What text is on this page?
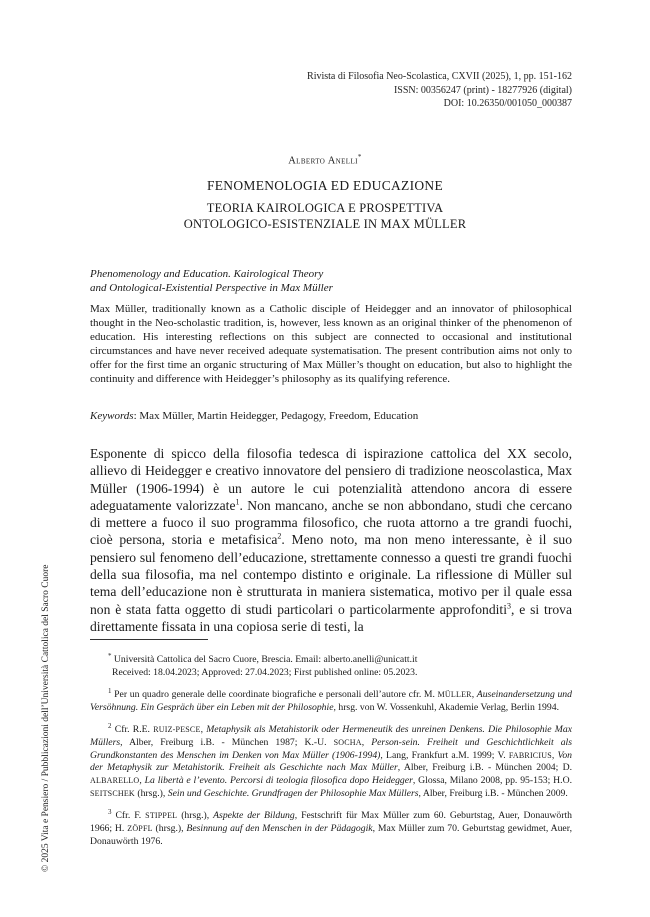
Rivista di Filosofia Neo-Scolastica, CXVII (2025), 1, pp. 151-162
ISSN: 00356247 (print) - 18277926 (digital)
DOI: 10.26350/001050_000387
Alberto Anelli*
FENOMENOLOGIA ED EDUCAZIONE
TEORIA KAIROLOGICA E PROSPETTIVA
ONTOLOGICO-ESISTENZIALE IN MAX MÜLLER
Phenomenology and Education. Kairological Theory
and Ontological-Existential Perspective in Max Müller
Max Müller, traditionally known as a Catholic disciple of Heidegger and an innovator of philosophical thought in the Neo-scholastic tradition, is, however, less known as an original thinker of the phenomenon of education. His interesting reflections on this subject are connected to occasional and institutional circumstances and have never received adequate systematisation. The present contribution aims not only to offer for the first time an organic structuring of Max Müller’s thought on education, but also to highlight the continuity and difference with Heidegger’s philosophy as its qualifying reference.
Keywords: Max Müller, Martin Heidegger, Pedagogy, Freedom, Education
Esponente di spicco della filosofia tedesca di ispirazione cattolica del XX secolo, allievo di Heidegger e creativo innovatore del pensiero di tradizione neoscolastica, Max Müller (1906-1994) è un autore le cui potenzialità attendono ancora di essere adeguatamente valorizzate$^1$. Non mancano, anche se non abbondano, studi che cercano di mettere a fuoco il suo programma filosofico, che ruota attorno a tre grandi fuochi, cioè persona, storia e metafisica$^2$. Meno noto, ma non meno interessante, è il suo pensiero sul fenomeno dell’educazione, strettamente connesso a questi tre grandi fuochi della sua filosofia, ma nel contempo distinto e originale. La riflessione di Müller sul tema dell’educazione non è strutturata in maniera sistematica, motivo per il quale essa non è stata fatta oggetto di studi particolari o particolarmente approfonditi$^3$, e si trova direttamente fissata in una copiosa serie di testi, la
* Università Cattolica del Sacro Cuore, Brescia. Email: alberto.anelli@unicatt.it
Received: 18.04.2023; Approved: 27.04.2023; First published online: 05.2023.

$^1$ Per un quadro generale delle coordinate biografiche e personali dell’autore cfr. M. MÜLLER, Auseinandersetzung und Versöhnung. Ein Gespräch über ein Leben mit der Philosophie, hrsg. von W. Vossenkuhl, Akademie Verlag, Berlin 1994.

$^2$ Cfr. R.E. RUIZ-PESCE, Metaphysik als Metahistorik oder Hermeneutik des unreinen Denkens. Die Philosophie Max Müllers, Alber, Freiburg i.B. - München 1987; K.-U. SOCHA, Person-sein. Freiheit und Geschichtlichkeit als Grundkonstanten des Menschen im Denken von Max Müller (1906-1994), Lang, Frankfurt a.M. 1999; V. FABRICIUS, Von der Metaphysik zur Metahistorik. Freiheit als Geschichte nach Max Müller, Alber, Freiburg i.B. - München 2004; D. ALBARELLO, La libertà e l’evento. Percorsi di teologia filosofica dopo Heidegger, Glossa, Milano 2008, pp. 95-153; H.O. SEITSCHEK (hrsg.), Sein und Geschichte. Grundfragen der Philosophie Max Müllers, Alber, Freiburg i.B. - München 2009.

$^3$ Cfr. F. STIPPEL (hrsg.), Aspekte der Bildung, Festschrift für Max Müller zum 60. Geburtstag, Auer, Donauwörth 1966; H. ZÖPFL (hrsg.), Besinnung auf den Menschen in der Pädagogik, Max Müller zum 70. Geburtstag gewidmet, Auer, Donauwörth 1976.

© 2025 Vita e Pensiero / Pubblicazioni dell’Università Cattolica del Sacro Cuore
